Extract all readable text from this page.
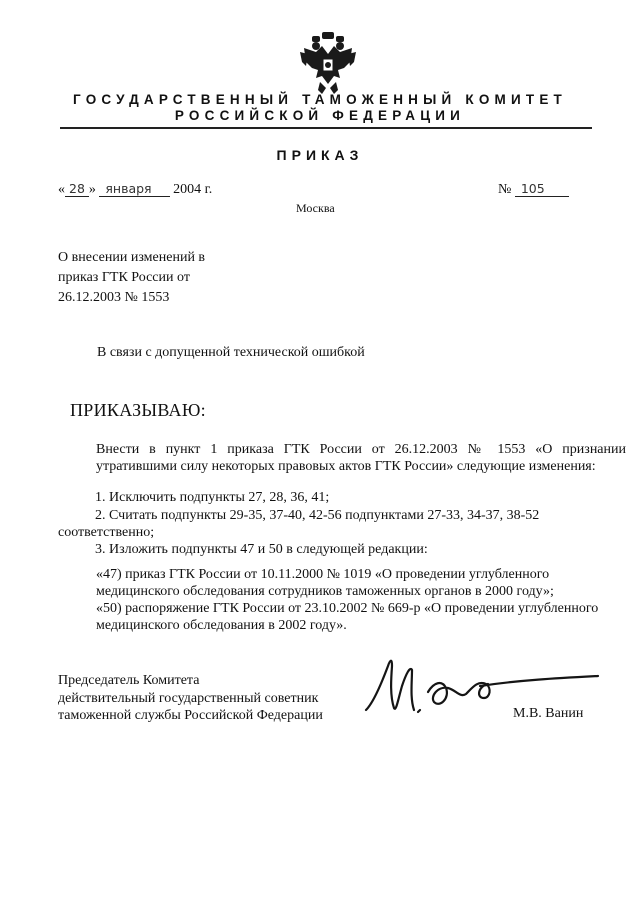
ГОСУДАРСТВЕННЫЙ ТАМОЖЕННЫЙ КОМИТЕТ
РОССИЙСКОЙ ФЕДЕРАЦИИ
ПРИКАЗ
« 28 » января 2004 г.	№ 105
Москва
О внесении изменений в
приказ ГТК России от
26.12.2003 № 1553
В связи с допущенной технической ошибкой
ПРИКАЗЫВАЮ:
Внести в пункт 1 приказа ГТК России от 26.12.2003 № 1553 «О признании утратившими силу некоторых правовых актов ГТК России» следующие изменения:
1. Исключить подпункты 27, 28, 36, 41;
2. Считать подпункты 29-35, 37-40, 42-56 подпунктами 27-33, 34-37, 38-52
соответственно;
3. Изложить подпункты 47 и 50 в следующей редакции:
«47) приказ ГТК России от 10.11.2000 № 1019 «О проведении углубленного медицинского обследования сотрудников таможенных органов в 2000 году»;
«50) распоряжение ГТК России от 23.10.2002 № 669-р «О проведении углубленного медицинского обследования в 2002 году».
Председатель Комитета
действительный государственный советник
таможенной службы Российской Федерации	М.В. Ванин
